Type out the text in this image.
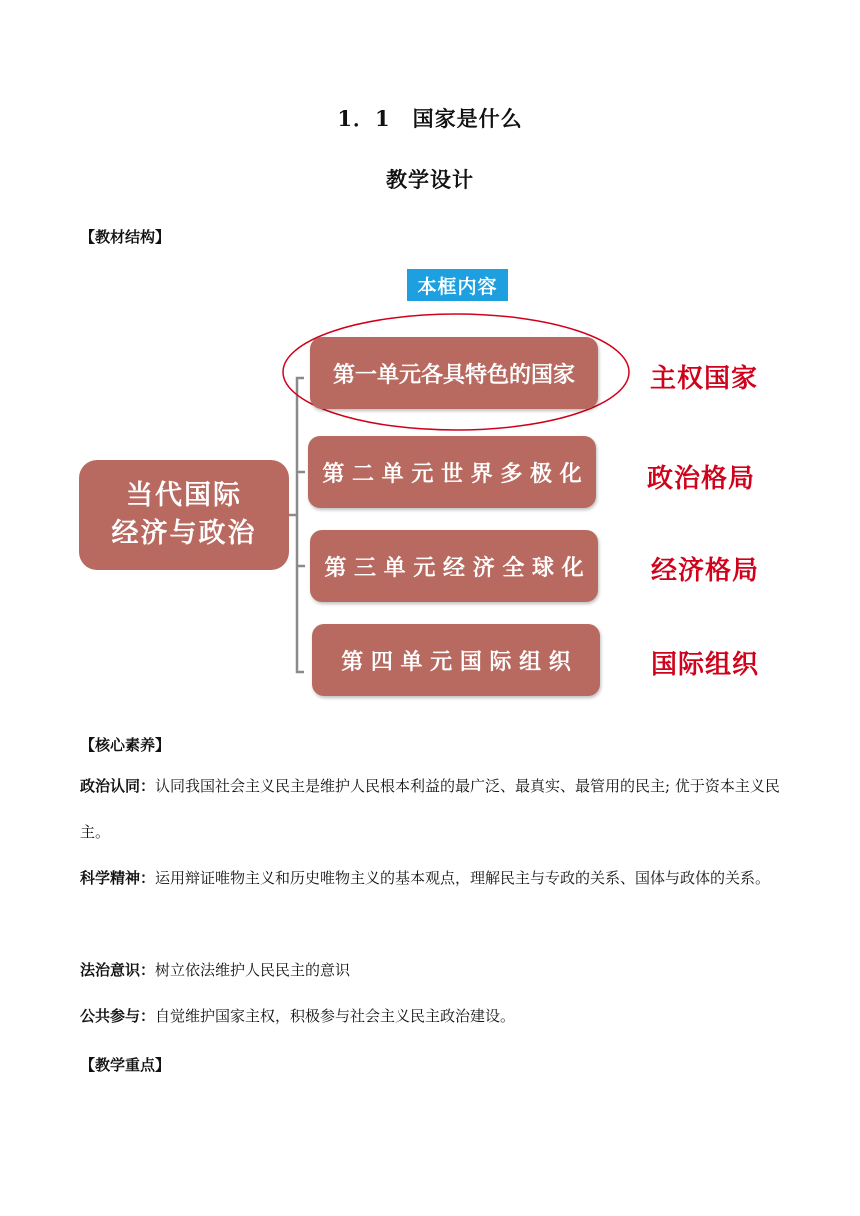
1．1　国家是什么
教学设计
【教材结构】
本框内容
当代国际
经济与政治
第一单元各具特色的国家
第 二 单 元 世 界 多 极 化
第 三 单 元 经 济 全 球 化
第 四 单 元 国 际 组 织
主权国家
政治格局
经济格局
国际组织
【核心素养】
政治认同：认同我国社会主义民主是维护人民根本利益的最广泛、最真实、最管用的民主; 优于资本主义民主。
科学精神：运用辩证唯物主义和历史唯物主义的基本观点，理解民主与专政的关系、国体与政体的关系。
法治意识：树立依法维护人民民主的意识
公共参与：自觉维护国家主权，积极参与社会主义民主政治建设。
【教学重点】
